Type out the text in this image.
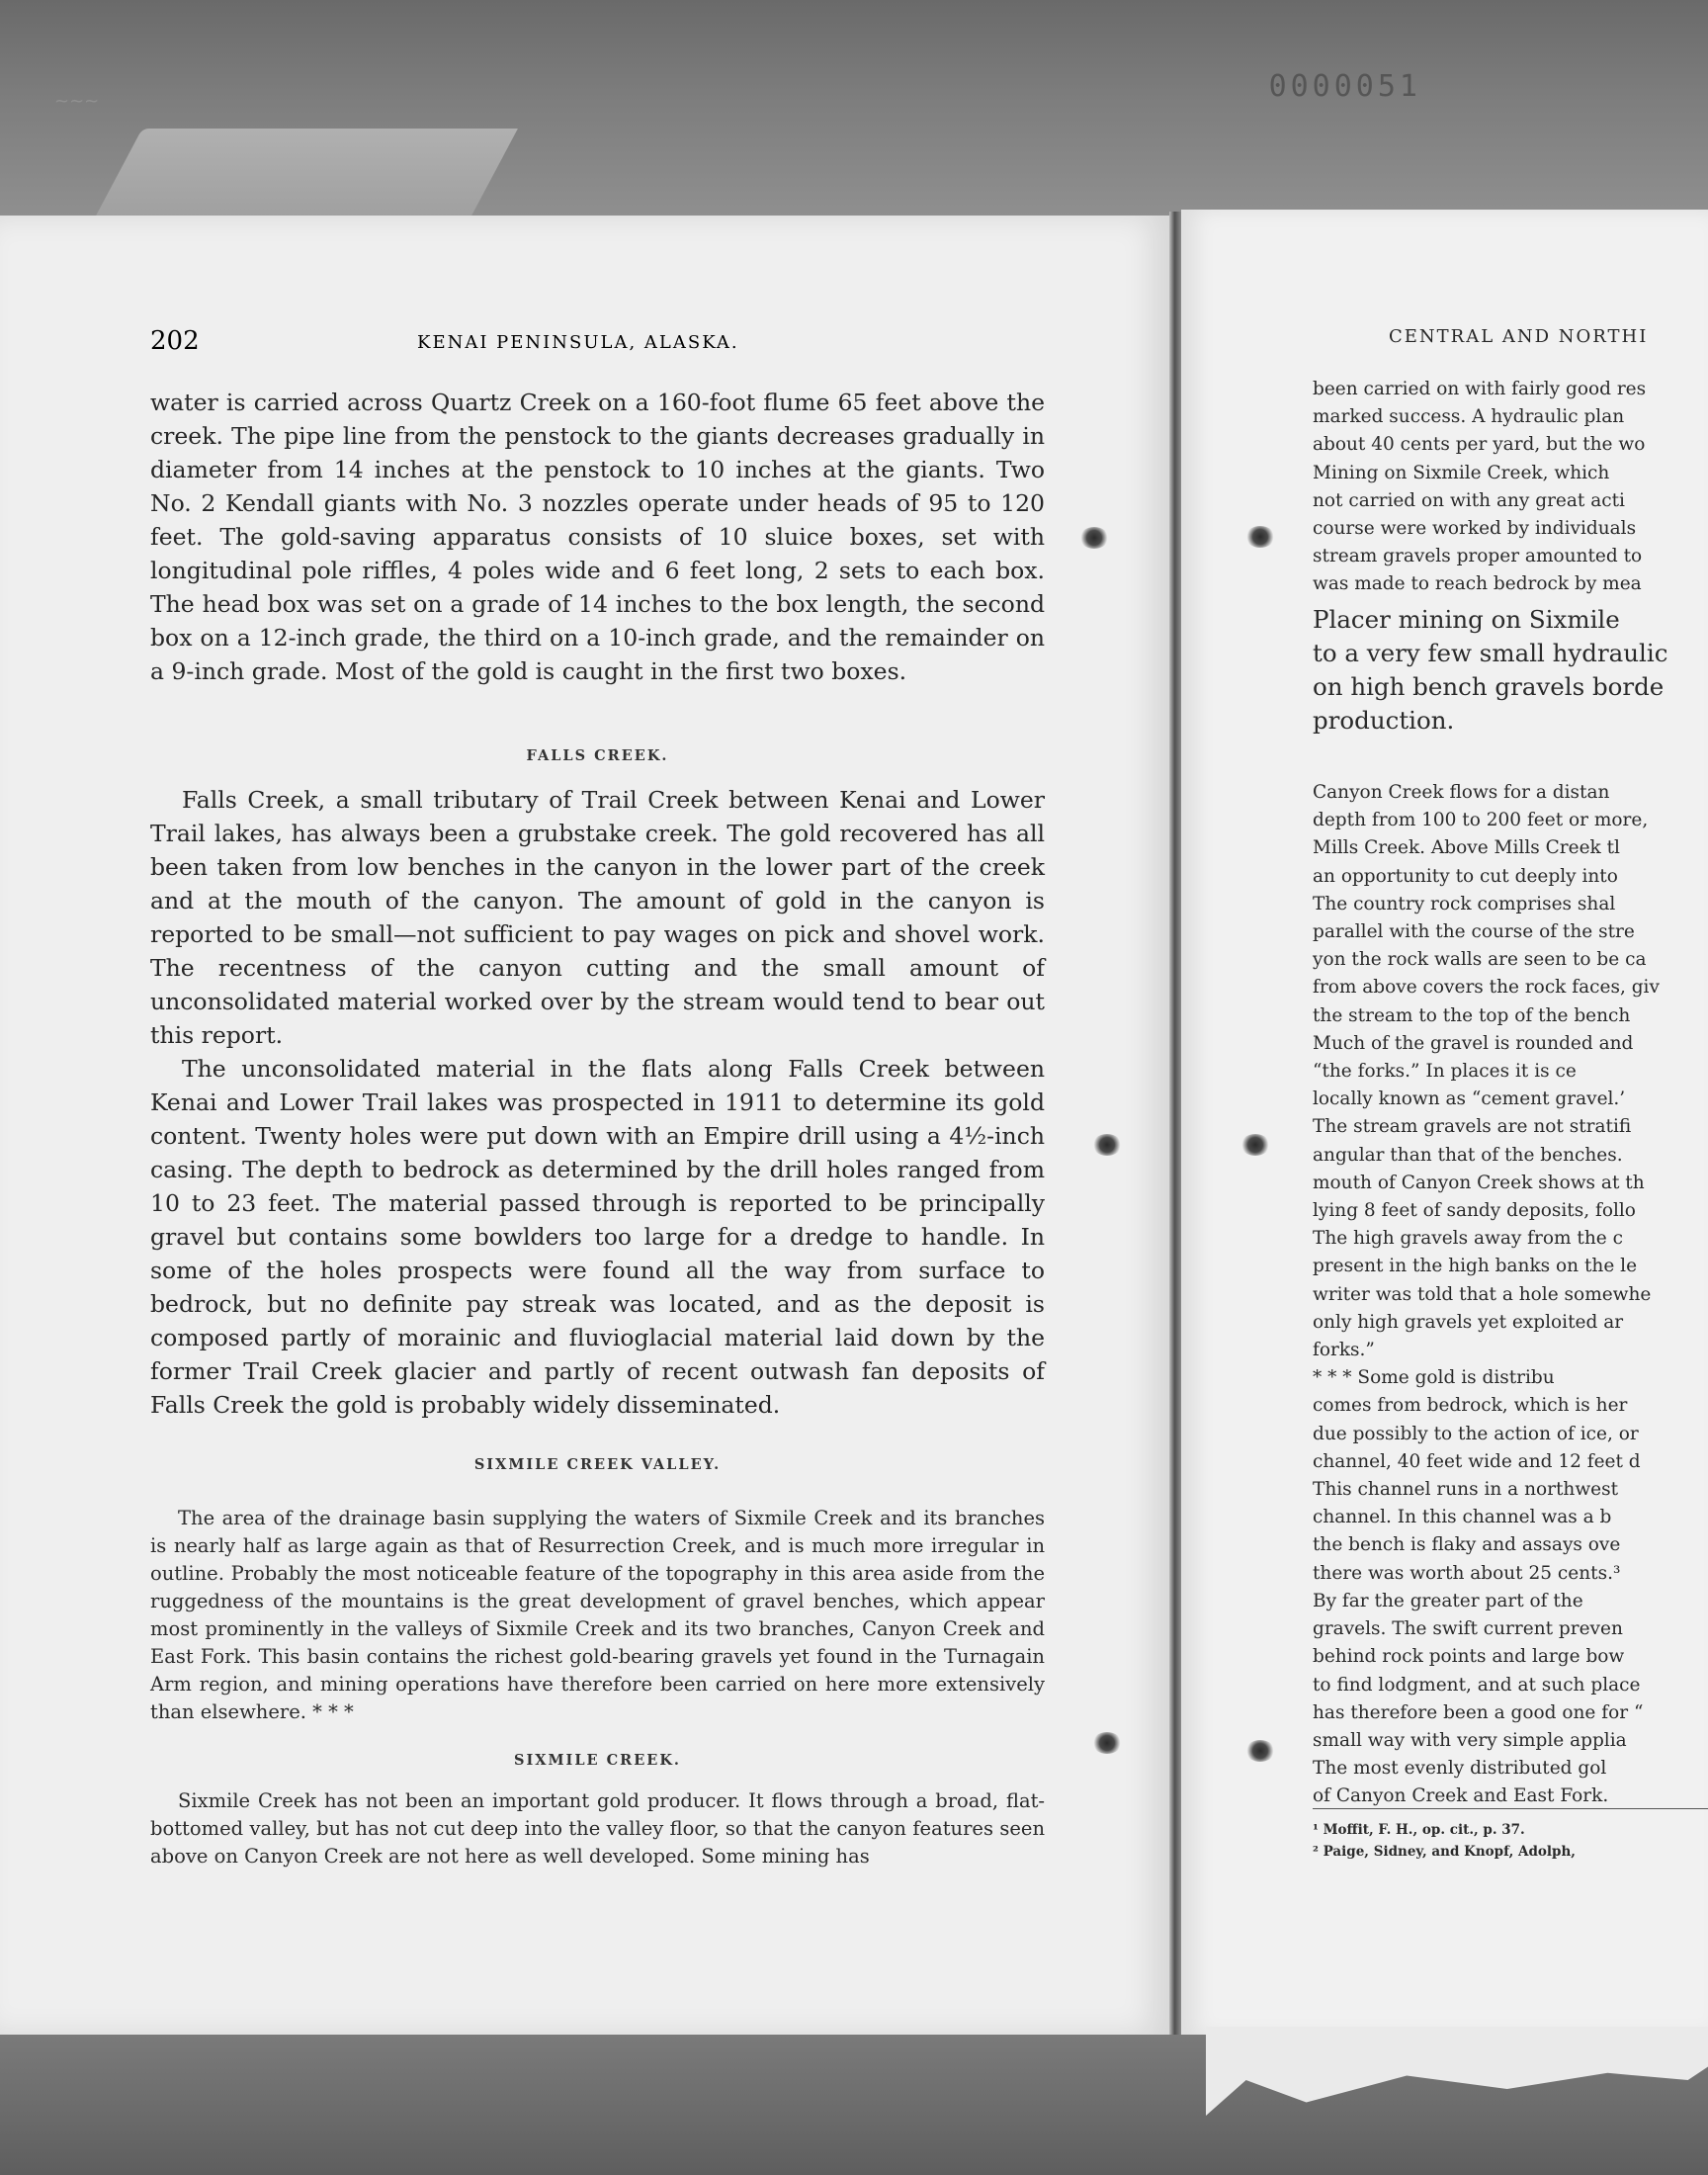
~~~	0000051
202	KENAI PENINSULA, ALASKA.

water is carried across Quartz Creek on a 160-foot flume 65 feet above the creek. The pipe line from the penstock to the giants decreases gradually in diameter from 14 inches at the penstock to 10 inches at the giants. Two No. 2 Kendall giants with No. 3 nozzles operate under heads of 95 to 120 feet. The gold-saving apparatus consists of 10 sluice boxes, set with longitudinal pole riffles, 4 poles wide and 6 feet long, 2 sets to each box. The head box was set on a grade of 14 inches to the box length, the second box on a 12-inch grade, the third on a 10-inch grade, and the remainder on a 9-inch grade. Most of the gold is caught in the first two boxes.

FALLS CREEK.

Falls Creek, a small tributary of Trail Creek between Kenai and Lower Trail lakes, has always been a grubstake creek. The gold recovered has all been taken from low benches in the canyon in the lower part of the creek and at the mouth of the canyon. The amount of gold in the canyon is reported to be small—not sufficient to pay wages on pick and shovel work. The recentness of the canyon cutting and the small amount of unconsolidated material worked over by the stream would tend to bear out this report.

The unconsolidated material in the flats along Falls Creek between Kenai and Lower Trail lakes was prospected in 1911 to determine its gold content. Twenty holes were put down with an Empire drill using a 4½-inch casing. The depth to bedrock as determined by the drill holes ranged from 10 to 23 feet. The material passed through is reported to be principally gravel but contains some bowlders too large for a dredge to handle. In some of the holes prospects were found all the way from surface to bedrock, but no definite pay streak was located, and as the deposit is composed partly of morainic and fluvioglacial material laid down by the former Trail Creek glacier and partly of recent outwash fan deposits of Falls Creek the gold is probably widely disseminated.

SIXMILE CREEK VALLEY.

The area of the drainage basin supplying the waters of Sixmile Creek and its branches is nearly half as large again as that of Resurrection Creek, and is much more irregular in outline. Probably the most noticeable feature of the topography in this area aside from the ruggedness of the mountains is the great development of gravel benches, which appear most prominently in the valleys of Sixmile Creek and its two branches, Canyon Creek and East Fork. This basin contains the richest gold-bearing gravels yet found in the Turnagain Arm region, and mining operations have therefore been carried on here more extensively than elsewhere. * * *

SIXMILE CREEK.

Sixmile Creek has not been an important gold producer. It flows through a broad, flat-bottomed valley, but has not cut deep into the valley floor, so that the canyon features seen above on Canyon Creek are not here as well developed. Some mining has

CENTRAL AND NORTHI
been carried on with fairly good res
marked success. A hydraulic plan
about 40 cents per yard, but the wo
Mining on Sixmile Creek, which
not carried on with any great acti
course were worked by individuals
stream gravels proper amounted to
was made to reach bedrock by mea
Placer mining on Sixmile
to a very few small hydraulic
on high bench gravels borde
production.
Canyon Creek flows for a distan
depth from 100 to 200 feet or more,
Mills Creek. Above Mills Creek tl
an opportunity to cut deeply into
The country rock comprises shal
parallel with the course of the stre
yon the rock walls are seen to be ca
from above covers the rock faces, giv
the stream to the top of the bench
Much of the gravel is rounded and
“the forks.” In places it is ce
locally known as “cement gravel.’
The stream gravels are not stratifi
angular than that of the benches.
mouth of Canyon Creek shows at th
lying 8 feet of sandy deposits, follo
The high gravels away from the c
present in the high banks on the le
writer was told that a hole somewhe
only high gravels yet exploited ar
forks.”
* * * Some gold is distribu
comes from bedrock, which is her
due possibly to the action of ice, or
channel, 40 feet wide and 12 feet d
This channel runs in a northwest
channel. In this channel was a b
the bench is flaky and assays ove
there was worth about 25 cents.³
By far the greater part of the
gravels. The swift current preven
behind rock points and large bow
to find lodgment, and at such place
has therefore been a good one for “
small way with very simple applia
The most evenly distributed gol
of Canyon Creek and East Fork.
¹ Moffit, F. H., op. cit., p. 37.
² Paige, Sidney, and Knopf, Adolph,
